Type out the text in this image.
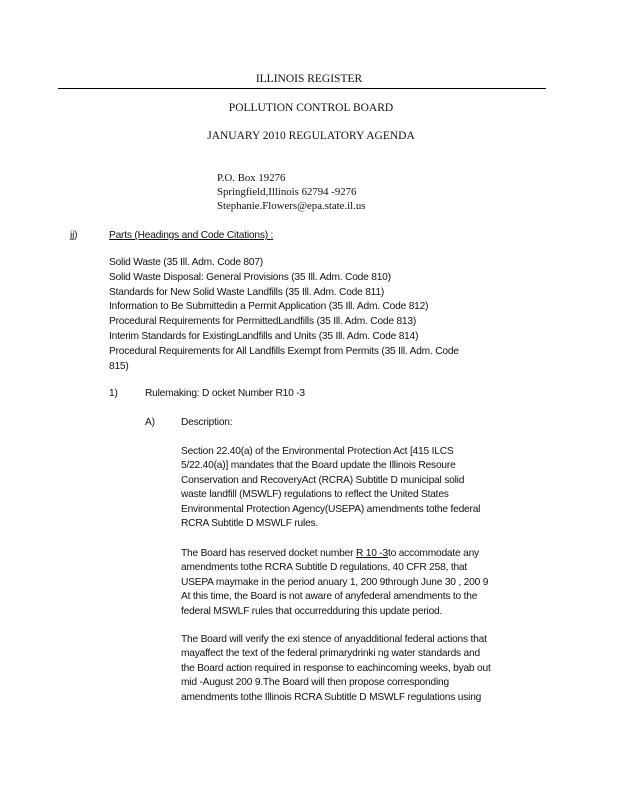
ILLINOIS REGISTER
POLLUTION CONTROL BOARD
JANUARY 2010 REGULATORY AGENDA
P.O. Box 19276
Springfield,Illinois 62794 -9276
Stephanie.Flowers@epa.state.il.us
jj)	Parts (Headings and Code Citations) :
Solid Waste (35 Ill. Adm. Code 807)
Solid Waste Disposal: General Provisions (35 Ill. Adm. Code 810)
Standards for New Solid Waste Landfills (35 Ill. Adm. Code 811)
Information to Be Submittedin a Permit Application (35 Ill. Adm. Code 812)
Procedural Requirements for PermittedLandfills (35 Ill. Adm. Code 813)
Interim Standards for ExistingLandfills and Units (35 Ill. Adm. Code 814)
Procedural Requirements for All Landfills Exempt from Permits (35 Ill. Adm. Code
815)
1)	Rulemaking: D ocket Number R10 -3
A)	Description:
Section 22.40(a) of the Environmental Protection Act [415 ILCS
5/22.40(a)] mandates that the Board update the Illinois Resoure
Conservation and RecoveryAct (RCRA) Subtitle D municipal solid
waste landfill (MSWLF) regulations to reflect the United States
Environmental Protection Agency(USEPA) amendments tothe federal
RCRA Subtitle D MSWLF rules.
The Board has reserved docket number R 10 -3to accommodate any
amendments tothe RCRA Subtitle D regulations, 40 CFR 258, that
USEPA maymake in the period anuary 1, 200 9through June 30 , 200 9
At this time, the Board is not aware of anyfederal amendments to the
federal MSWLF rules that occurredduring this update period.
The Board will verify the exi stence of anyadditional federal actions that
mayaffect the text of the federal primarydrinki ng water standards and
the Board action required in response to eachincoming weeks, byab out
mid -August 200 9.The Board will then propose corresponding
amendments tothe Illinois RCRA Subtitle D MSWLF regulations using
